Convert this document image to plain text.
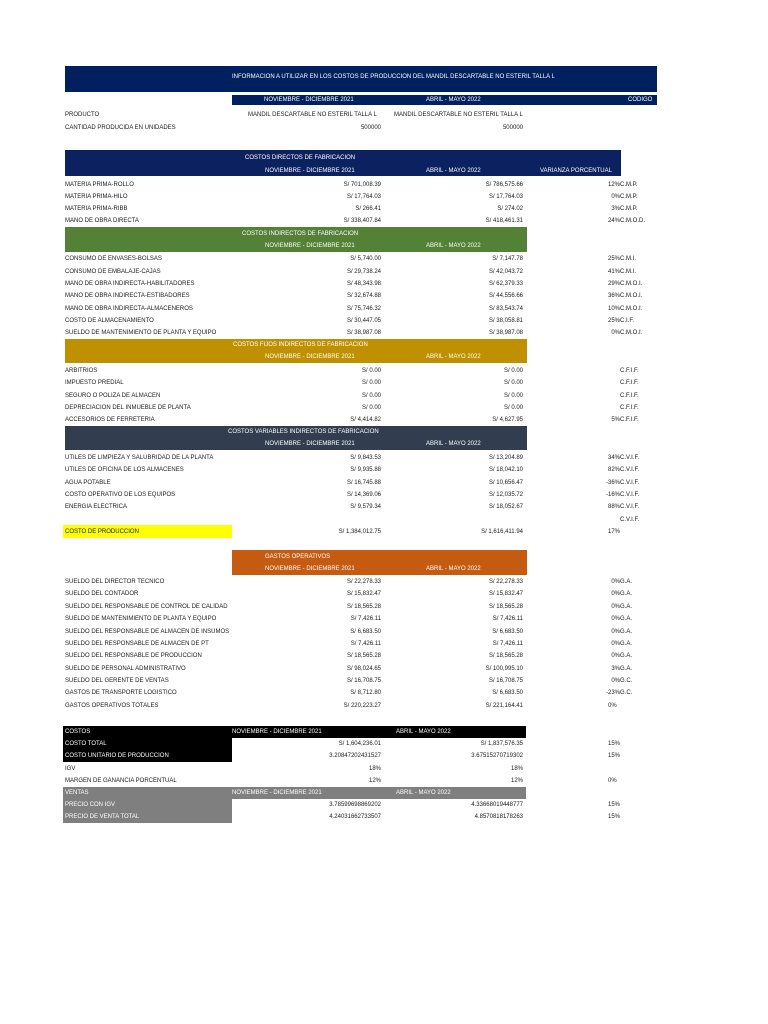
INFORMACION A UTILIZAR EN LOS COSTOS DE PRODUCCION DEL MANDIL DESCARTABLE NO ESTERIL TALLA L
NOVIEMBRE - DICIEMBRE 2021	ABRIL - MAYO 2022	CODIGO
PRODUCTO	MANDIL DESCARTABLE NO ESTERIL TALLA L	MANDIL DESCARTABLE NO ESTERIL TALLA L
CANTIDAD PRODUCIDA EN UNIDADES	500000	500000
COSTOS DIRECTOS DE FABRICACION
NOVIEMBRE - DICIEMBRE 2021	ABRIL - MAYO 2022	VARIANZA PORCENTUAL
MATERIA PRIMA-ROLLO	S/ 701,008.39	S/ 786,575.66	12% C.M.P.
MATERIA PRIMA-HILO	S/ 17,764.03	S/ 17,764.03	0% C.M.P.
MATERIA PRIMA-RIBB	S/ 266.41	S/ 274.02	3% C.M.P.
MANO DE OBRA DIRECTA	S/ 338,407.84	S/ 418,461.31	24% C.M.O.D.
COSTOS INDIRECTOS DE FABRICACION
NOVIEMBRE - DICIEMBRE 2021	ABRIL - MAYO 2022
CONSUMO DE ENVASES-BOLSAS	S/ 5,740.00	S/ 7,147.78	25% C.M.I.
CONSUMO DE EMBALAJE-CAJAS	S/ 29,738.24	S/ 42,043.72	41% C.M.I.
MANO DE OBRA INDIRECTA-HABILITADORES	S/ 48,343.98	S/ 62,379.33	29% C.M.O.I.
MANO DE OBRA INDIRECTA-ESTIBADORES	S/ 32,674.88	S/ 44,556.66	36% C.M.O.I.
MANO DE OBRA INDIRECTA-ALMACENEROS	S/ 75,746.32	S/ 83,543.74	10% C.M.O.I.
COSTO DE ALMACENAMIENTO	S/ 30,447.05	S/ 38,058.81	25% C.I.F.
SUELDO DE MANTENIMIENTO DE PLANTA Y EQUIPO	S/ 38,987.08	S/ 38,987.08	0% C.M.O.I.
COSTOS FIJOS INDIRECTOS DE FABRICACION
NOVIEMBRE - DICIEMBRE 2021	ABRIL - MAYO 2022
ARBITRIOS	S/ 0.00	S/ 0.00	C.F.I.F.
IMPUESTO PREDIAL	S/ 0.00	S/ 0.00	C.F.I.F.
SEGURO O POLIZA DE ALMACEN	S/ 0.00	S/ 0.00	C.F.I.F.
DEPRECIACION DEL INMUEBLE DE PLANTA	S/ 0.00	S/ 0.00	C.F.I.F.
ACCESORIOS DE FERRETERIA	S/ 4,414.82	S/ 4,627.95	5% C.F.I.F.
COSTOS VARIABLES INDIRECTOS DE FABRICACION
NOVIEMBRE - DICIEMBRE 2021	ABRIL - MAYO 2022
UTILES DE LIMPIEZA Y SALUBRIDAD DE LA PLANTA	S/ 9,843.53	S/ 13,204.89	34% C.V.I.F.
UTILES DE OFICINA DE LOS ALMACENES	S/ 9,935.88	S/ 18,042.10	82% C.V.I.F.
AGUA POTABLE	S/ 16,745.88	S/ 10,656.47	-36% C.V.I.F.
COSTO OPERATIVO DE LOS EQUIPOS	S/ 14,369.06	S/ 12,035.72	-16% C.V.I.F.
ENERGIA ELECTRICA	S/ 9,579.34	S/ 18,052.67	88% C.V.I.F.
C.V.I.F.
COSTO DE PRODUCCION	S/ 1,384,012.75	S/ 1,616,411.94	17%
GASTOS OPERATIVOS
NOVIEMBRE - DICIEMBRE 2021	ABRIL - MAYO 2022
SUELDO DEL DIRECTOR TECNICO	S/ 22,278.33	S/ 22,278.33	0% G.A.
SUELDO DEL CONTADOR	S/ 15,832.47	S/ 15,832.47	0% G.A.
SUELDO DEL RESPONSABLE DE CONTROL DE CALIDAD	S/ 18,565.28	S/ 18,565.28	0% G.A.
SUELDO DE MANTENIMIENTO DE PLANTA Y EQUIPO	S/ 7,426.11	S/ 7,426.11	0% G.A.
SUELDO DEL RESPONSABLE DE ALMACEN DE INSUMOS	S/ 6,683.50	S/ 6,683.50	0% G.A.
SUELDO DEL RESPONSABLE DE ALMACEN DE PT	S/ 7,426.11	S/ 7,426.11	0% G.A.
SUELDO DEL RESPONSABLE DE PRODUCCION	S/ 18,565.28	S/ 18,565.28	0% G.A.
SUELDO DE PERSONAL ADMINISTRATIVO	S/ 98,024.65	S/ 100,995.10	3% G.A.
SUELDO DEL GERENTE DE VENTAS	S/ 16,708.75	S/ 16,708.75	0% G.C.
GASTOS DE TRANSPORTE LOGISTICO	S/ 8,712.80	S/ 6,683.50	-23% G.C.
GASTOS OPERATIVOS TOTALES	S/ 220,223.27	S/ 221,164.41	0%
COSTOS	NOVIEMBRE - DICIEMBRE 2021	ABRIL - MAYO 2022
COSTO TOTAL	S/ 1,604,236.01	S/ 1,837,576.35	15%
COSTO UNITARIO DE PRODUCCION	3.20847202431527	3.67515270719302	15%
IGV	18%	18%
MARGEN DE GANANCIA PORCENTUAL	12%	12%	0%
VENTAS	NOVIEMBRE - DICIEMBRE 2021	ABRIL - MAYO 2022
PRECIO CON IGV	3.78599698869202	4.33668019448777	15%
PRECIO DE VENTA TOTAL	4.24031662733507	4.8570818178263	15%
